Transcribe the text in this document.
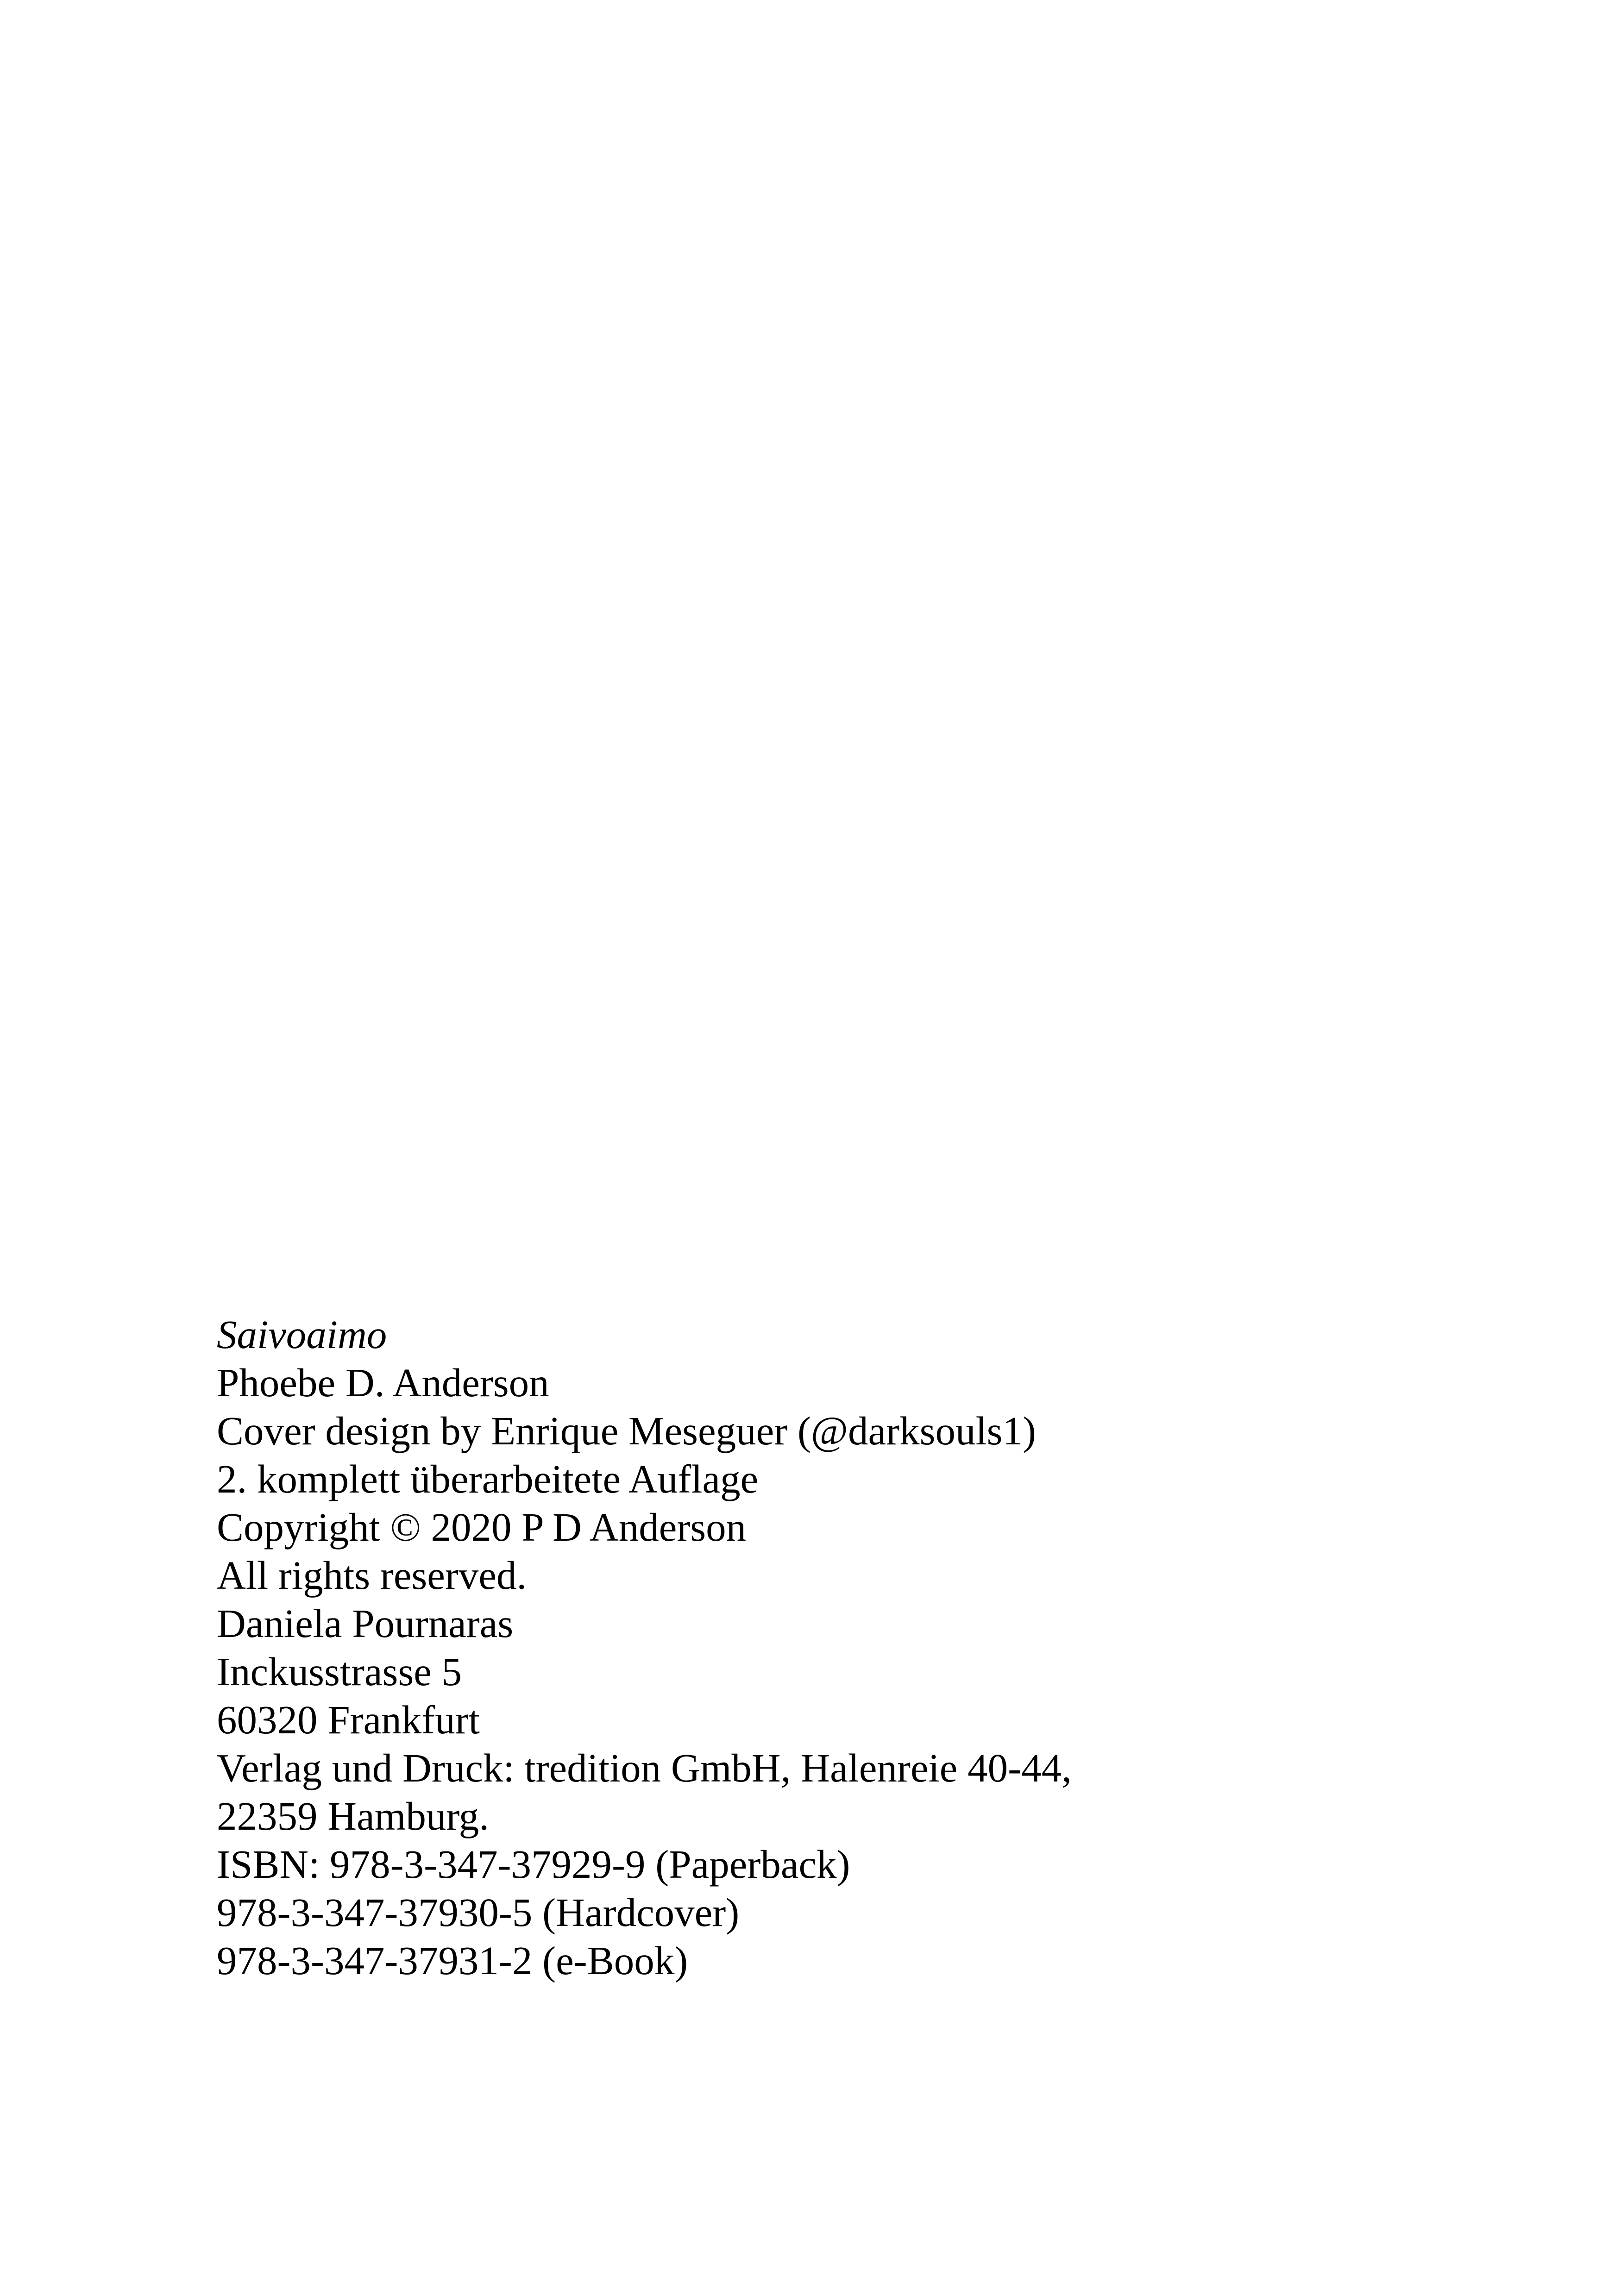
Saivoaimo
Phoebe D. Anderson
Cover design by Enrique Meseguer (@darksouls1)
2. komplett überarbeitete Auflage
Copyright © 2020 P D Anderson
All rights reserved.
Daniela Pournaras
Inckusstrasse 5
60320 Frankfurt
Verlag und Druck: tredition GmbH, Halenreie 40-44,
22359 Hamburg.
ISBN: 978-3-347-37929-9 (Paperback)
978-3-347-37930-5 (Hardcover)
978-3-347-37931-2 (e-Book)
